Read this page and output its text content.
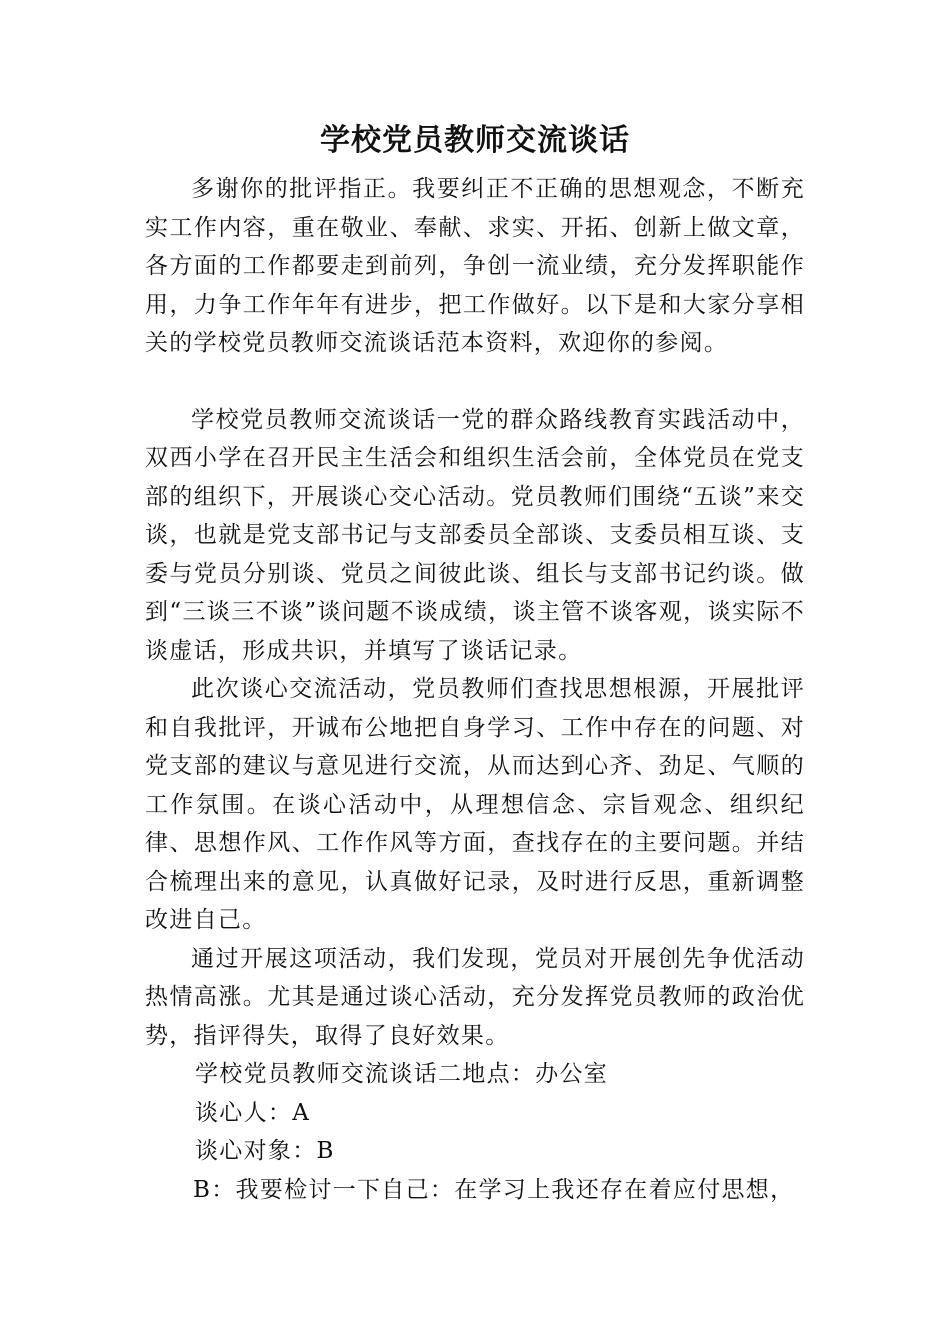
学校党员教师交流谈话

多谢你的批评指正。我要纠正不正确的思想观念，不断充实工作内容，重在敬业、奉献、求实、开拓、创新上做文章，各方面的工作都要走到前列，争创一流业绩，充分发挥职能作用，力争工作年年有进步，把工作做好。以下是和大家分享相关的学校党员教师交流谈话范本资料，欢迎你的参阅。

学校党员教师交流谈话一党的群众路线教育实践活动中，双西小学在召开民主生活会和组织生活会前，全体党员在党支部的组织下，开展谈心交心活动。党员教师们围绕“五谈”来交谈，也就是党支部书记与支部委员全部谈、支委员相互谈、支委与党员分别谈、党员之间彼此谈、组长与支部书记约谈。做到“三谈三不谈”谈问题不谈成绩，谈主管不谈客观，谈实际不谈虚话，形成共识，并填写了谈话记录。

此次谈心交流活动，党员教师们查找思想根源，开展批评和自我批评，开诚布公地把自身学习、工作中存在的问题、对党支部的建议与意见进行交流，从而达到心齐、劲足、气顺的工作氛围。在谈心活动中，从理想信念、宗旨观念、组织纪律、思想作风、工作作风等方面，查找存在的主要问题。并结合梳理出来的意见，认真做好记录，及时进行反思，重新调整改进自己。

通过开展这项活动，我们发现，党员对开展创先争优活动热情高涨。尤其是通过谈心活动，充分发挥党员教师的政治优势，指评得失，取得了良好效果。

学校党员教师交流谈话二地点：办公室

谈心人：A

谈心对象：B

B：我要检讨一下自己：在学习上我还存在着应付思想，
